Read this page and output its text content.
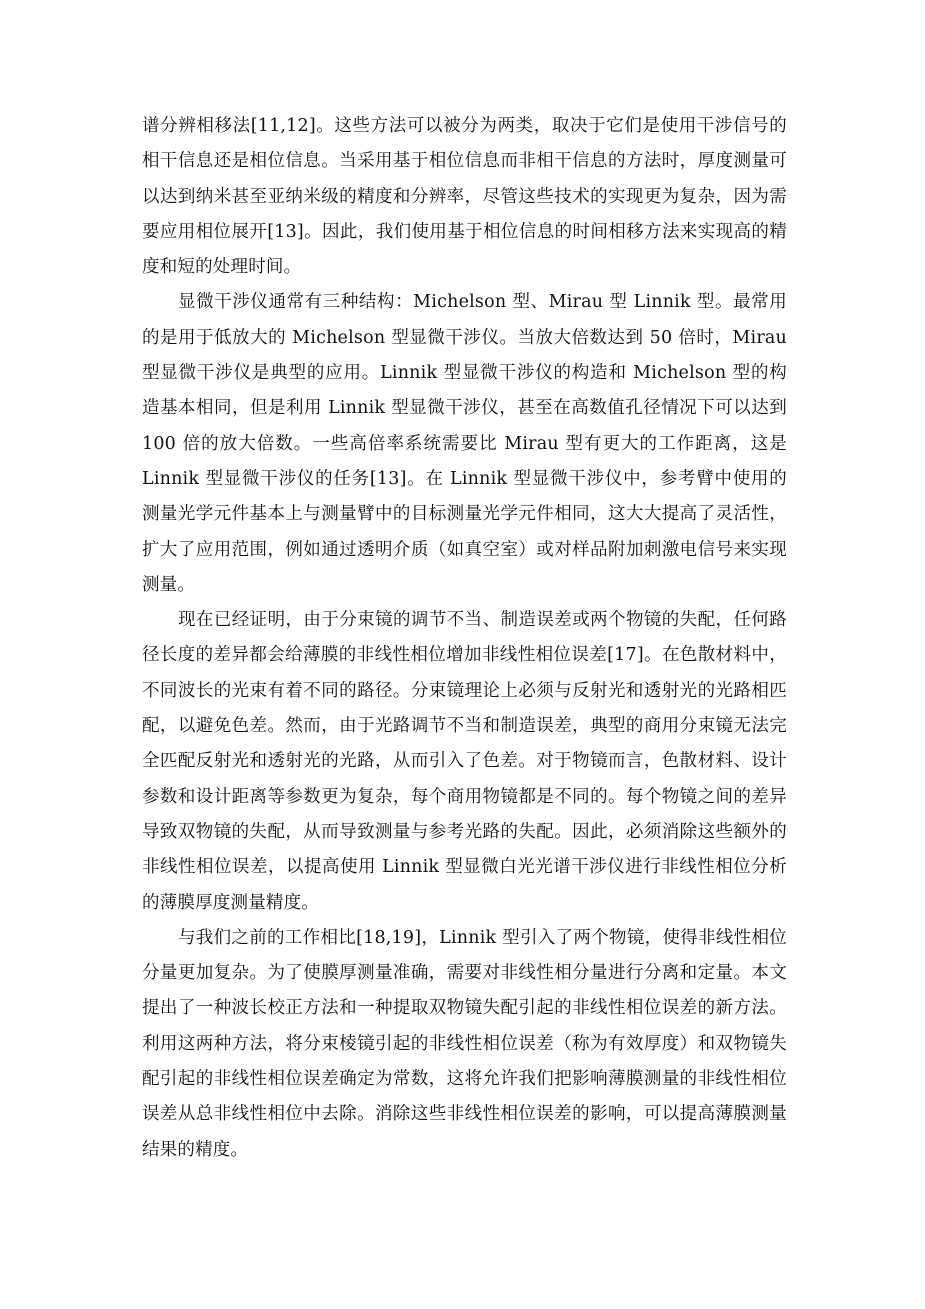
谱分辨相移法[11,12]。这些方法可以被分为两类，取决于它们是使用干涉信号的相干信息还是相位信息。当采用基于相位信息而非相干信息的方法时，厚度测量可以达到纳米甚至亚纳米级的精度和分辨率，尽管这些技术的实现更为复杂，因为需要应用相位展开[13]。因此，我们使用基于相位信息的时间相移方法来实现高的精度和短的处理时间。

显微干涉仪通常有三种结构：Michelson 型、Mirau 型 Linnik 型。最常用的是用于低放大的 Michelson 型显微干涉仪。当放大倍数达到 50 倍时，Mirau 型显微干涉仪是典型的应用。Linnik 型显微干涉仪的构造和 Michelson 型的构造基本相同，但是利用 Linnik 型显微干涉仪，甚至在高数值孔径情况下可以达到 100 倍的放大倍数。一些高倍率系统需要比 Mirau 型有更大的工作距离，这是 Linnik 型显微干涉仪的任务[13]。在 Linnik 型显微干涉仪中，参考臂中使用的测量光学元件基本上与测量臂中的目标测量光学元件相同，这大大提高了灵活性，扩大了应用范围，例如通过透明介质（如真空室）或对样品附加刺激电信号来实现测量。

现在已经证明，由于分束镜的调节不当、制造误差或两个物镜的失配，任何路径长度的差异都会给薄膜的非线性相位增加非线性相位误差[17]。在色散材料中，不同波长的光束有着不同的路径。分束镜理论上必须与反射光和透射光的光路相匹配，以避免色差。然而，由于光路调节不当和制造误差，典型的商用分束镜无法完全匹配反射光和透射光的光路，从而引入了色差。对于物镜而言，色散材料、设计参数和设计距离等参数更为复杂，每个商用物镜都是不同的。每个物镜之间的差异导致双物镜的失配，从而导致测量与参考光路的失配。因此，必须消除这些额外的非线性相位误差，以提高使用 Linnik 型显微白光光谱干涉仪进行非线性相位分析的薄膜厚度测量精度。

与我们之前的工作相比[18,19]，Linnik 型引入了两个物镜，使得非线性相位分量更加复杂。为了使膜厚测量准确，需要对非线性相分量进行分离和定量。本文提出了一种波长校正方法和一种提取双物镜失配引起的非线性相位误差的新方法。利用这两种方法，将分束棱镜引起的非线性相位误差（称为有效厚度）和双物镜失配引起的非线性相位误差确定为常数，这将允许我们把影响薄膜测量的非线性相位误差从总非线性相位中去除。消除这些非线性相位误差的影响，可以提高薄膜测量结果的精度。
